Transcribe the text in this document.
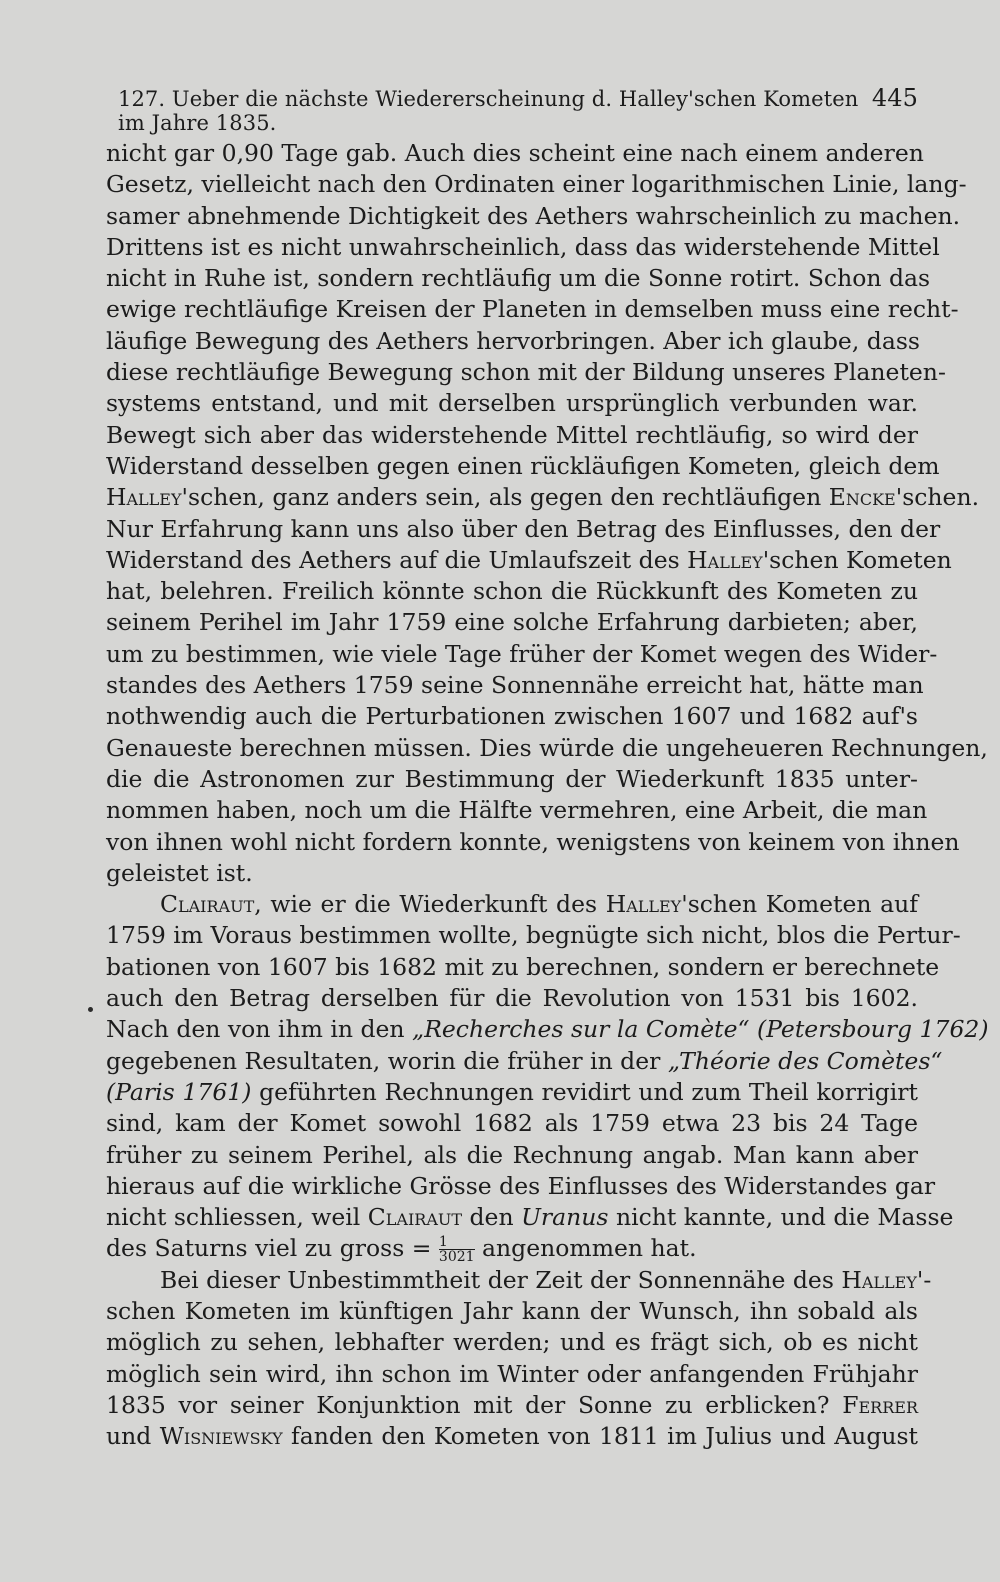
127. Ueber die nächste Wiedererscheinung d. Halley'schen Kometen im Jahre 1835.
445
nicht gar 0,90 Tage gab. Auch dies scheint eine nach einem anderen
Gesetz, vielleicht nach den Ordinaten einer logarithmischen Linie, lang-
samer abnehmende Dichtigkeit des Aethers wahrscheinlich zu machen.
Drittens ist es nicht unwahrscheinlich, dass das widerstehende Mittel
nicht in Ruhe ist, sondern rechtläufig um die Sonne rotirt. Schon das
ewige rechtläufige Kreisen der Planeten in demselben muss eine recht-
läufige Bewegung des Aethers hervorbringen. Aber ich glaube, dass
diese rechtläufige Bewegung schon mit der Bildung unseres Planeten-
systems entstand, und mit derselben ursprünglich verbunden war.
Bewegt sich aber das widerstehende Mittel rechtläufig, so wird der
Widerstand desselben gegen einen rückläufigen Kometen, gleich dem
Halley'schen, ganz anders sein, als gegen den rechtläufigen Encke'schen.
Nur Erfahrung kann uns also über den Betrag des Einflusses, den der
Widerstand des Aethers auf die Umlaufszeit des Halley'schen Kometen
hat, belehren. Freilich könnte schon die Rückkunft des Kometen zu
seinem Perihel im Jahr 1759 eine solche Erfahrung darbieten; aber,
um zu bestimmen, wie viele Tage früher der Komet wegen des Wider-
standes des Aethers 1759 seine Sonnennähe erreicht hat, hätte man
nothwendig auch die Perturbationen zwischen 1607 und 1682 auf's
Genaueste berechnen müssen. Dies würde die ungeheueren Rechnungen,
die die Astronomen zur Bestimmung der Wiederkunft 1835 unter-
nommen haben, noch um die Hälfte vermehren, eine Arbeit, die man
von ihnen wohl nicht fordern konnte, wenigstens von keinem von ihnen
geleistet ist.
Clairaut, wie er die Wiederkunft des Halley'schen Kometen auf
1759 im Voraus bestimmen wollte, begnügte sich nicht, blos die Pertur-
bationen von 1607 bis 1682 mit zu berechnen, sondern er berechnete
auch den Betrag derselben für die Revolution von 1531 bis 1602.
Nach den von ihm in den „Recherches sur la Comète“ (Petersbourg 1762)
gegebenen Resultaten, worin die früher in der „Théorie des Comètes“
(Paris 1761) geführten Rechnungen revidirt und zum Theil korrigirt
sind, kam der Komet sowohl 1682 als 1759 etwa 23 bis 24 Tage
früher zu seinem Perihel, als die Rechnung angab. Man kann aber
hieraus auf die wirkliche Grösse des Einflusses des Widerstandes gar
nicht schliessen, weil Clairaut den Uranus nicht kannte, und die Masse
des Saturns viel zu gross = $\frac{1}{3021}$ angenommen hat.
Bei dieser Unbestimmtheit der Zeit der Sonnennähe des Halley'-
schen Kometen im künftigen Jahr kann der Wunsch, ihn sobald als
möglich zu sehen, lebhafter werden; und es frägt sich, ob es nicht
möglich sein wird, ihn schon im Winter oder anfangenden Frühjahr
1835 vor seiner Konjunktion mit der Sonne zu erblicken? Ferrer
und Wisniewsky fanden den Kometen von 1811 im Julius und August
